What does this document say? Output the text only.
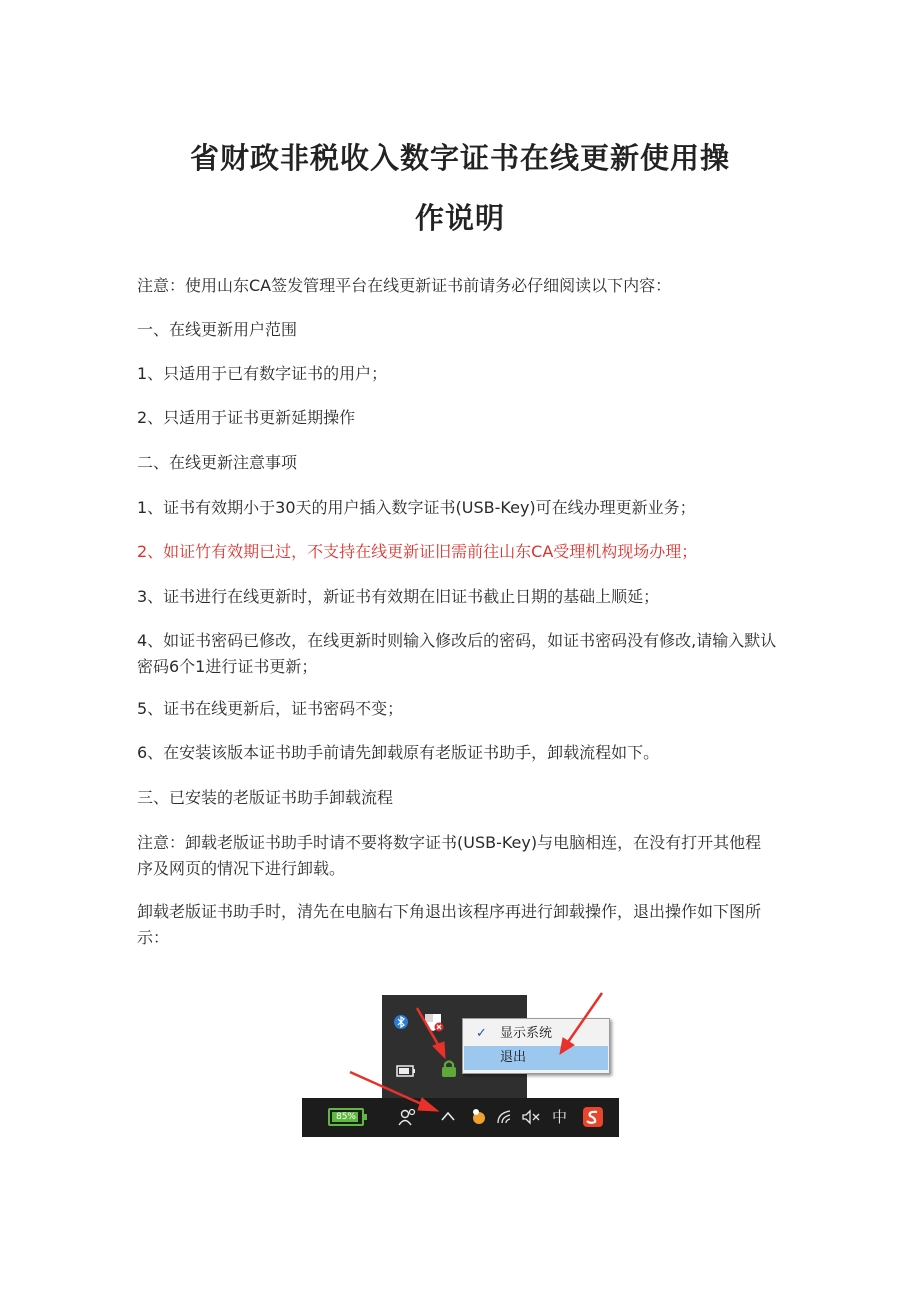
省财政非税收入数字证书在线更新使用操
作说明
注意：使用山东CA签发管理平台在线更新证书前请务必仔细阅读以下内容：
一、在线更新用户范围
1、只适用于已有数字证书的用户；
2、只适用于证书更新延期操作
二、在线更新注意事项
1、证书有效期小于30天的用户插入数字证书(USB-Key)可在线办理更新业务；
2、如证竹有效期已过，不支持在线更新证旧需前往山东CA受理机构现场办理；
3、证书进行在线更新时，新证书有效期在旧证书截止日期的基础上顺延；
4、如证书密码已修改，在线更新时则输入修改后的密码，如证书密码没有修改,请输入默认密码6个1进行证书更新；
5、证书在线更新后，证书密码不变；
6、在安装该版本证书助手前请先卸载原有老版证书助手，卸载流程如下。
三、已安装的老版证书助手卸载流程
注意：卸载老版证书助手时请不要将数字证书(USB-Key)与电脑相连，在没有打开其他程序及网页的情况下进行卸载。
卸载老版证书助手时，清先在电脑右下角退出该程序再进行卸载操作，退出操作如下图所示：
✓ 显示系统
退出
85%	中
